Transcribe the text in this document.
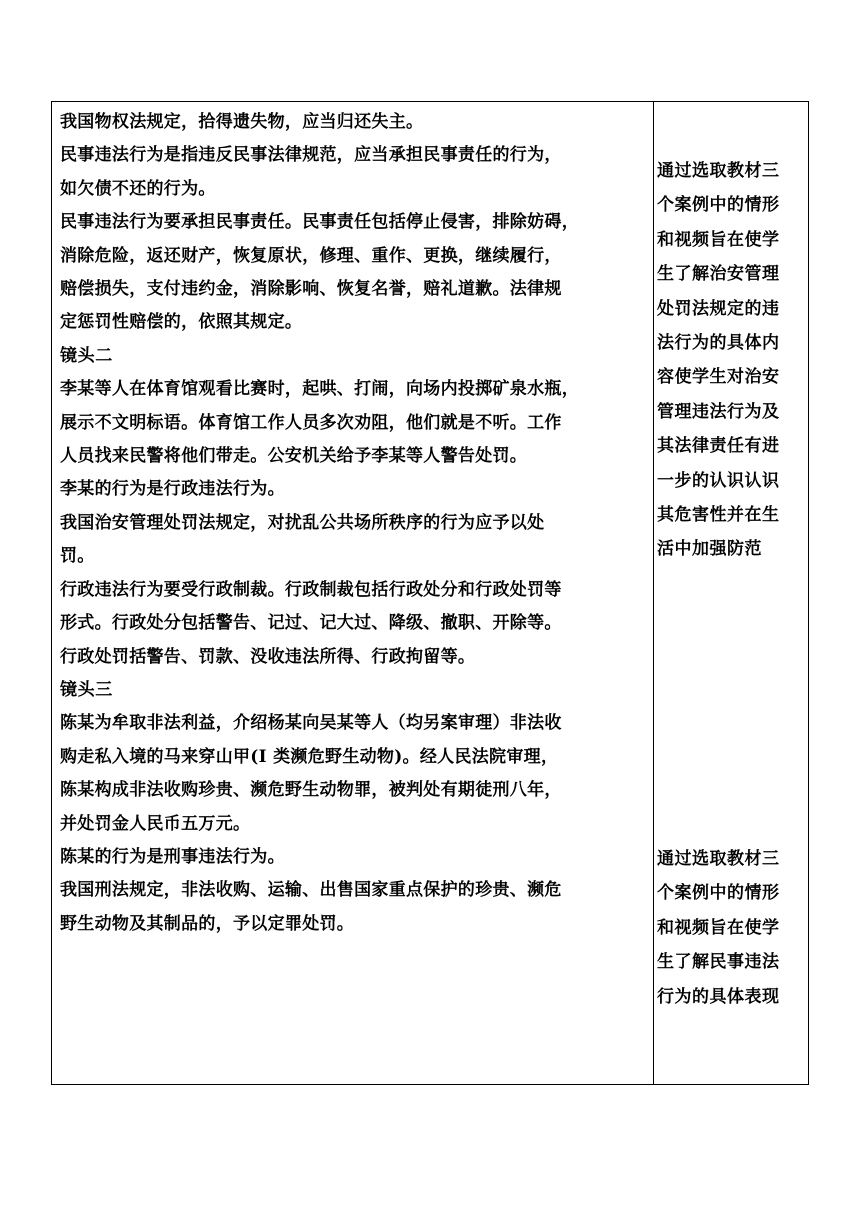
我国物权法规定，拾得遗失物，应当归还失主。

民事违法行为是指违反民事法律规范，应当承担民事责任的行为，

如欠债不还的行为。

民事违法行为要承担民事责任。民事责任包括停止侵害，排除妨碍，

消除危险，返还财产，恢复原状，修理、重作、更换，继续履行，

赔偿损失，支付违约金，消除影响、恢复名誉，赔礼道歉。法律规

定惩罚性赔偿的，依照其规定。

镜头二

李某等人在体育馆观看比赛时，起哄、打闹，向场内投掷矿泉水瓶，

展示不文明标语。体育馆工作人员多次劝阻，他们就是不听。工作

人员找来民警将他们带走。公安机关给予李某等人警告处罚。

李某的行为是行政违法行为。

我国治安管理处罚法规定，对扰乱公共场所秩序的行为应予以处

罚。

行政违法行为要受行政制裁。行政制裁包括行政处分和行政处罚等

形式。行政处分包括警告、记过、记大过、降级、撤职、开除等。

行政处罚括警告、罚款、没收违法所得、行政拘留等。

镜头三

陈某为牟取非法利益，介绍杨某向吴某等人（均另案审理）非法收

购走私入境的马来穿山甲(Ⅰ 类濒危野生动物)。经人民法院审理，

陈某构成非法收购珍贵、濒危野生动物罪，被判处有期徒刑八年，

并处罚金人民币五万元。

陈某的行为是刑事违法行为。

我国刑法规定，非法收购、运输、出售国家重点保护的珍贵、濒危

野生动物及其制品的，予以定罪处罚。

通过选取教材三

个案例中的情形

和视频旨在使学

生了解治安管理

处罚法规定的违

法行为的具体内

容使学生对治安

管理违法行为及

其法律责任有进

一步的认识认识

其危害性并在生

活中加强防范

通过选取教材三

个案例中的情形

和视频旨在使学

生了解民事违法

行为的具体表现
